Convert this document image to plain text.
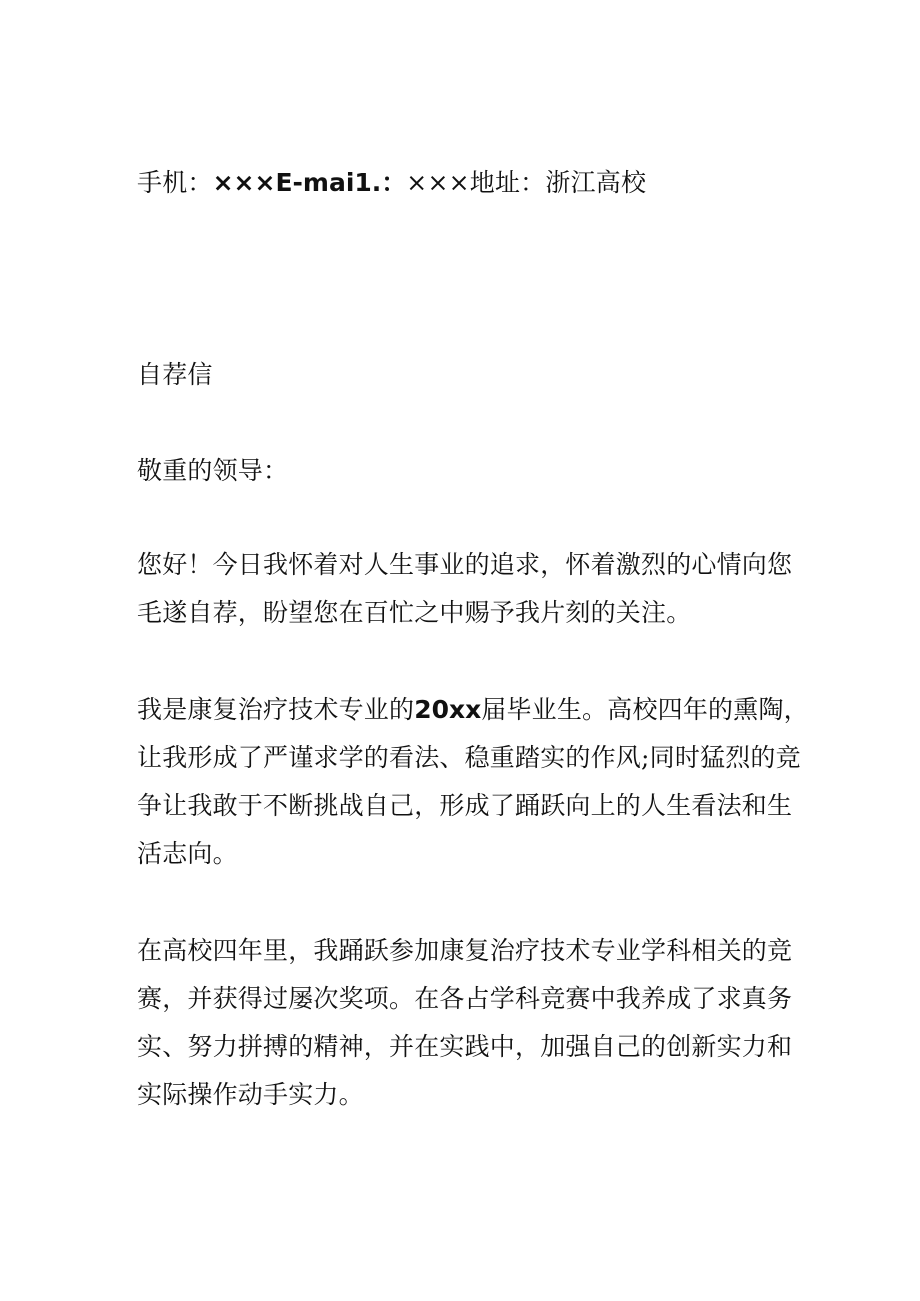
手机：×××E-mai1.：×××地址：浙江高校
自荐信
敬重的领导：
您好！今日我怀着对人生事业的追求，怀着激烈的心情向您
毛遂自荐，盼望您在百忙之中赐予我片刻的关注。
我是康复治疗技术专业的20xx届毕业生。高校四年的熏陶，
让我形成了严谨求学的看法、稳重踏实的作风;同时猛烈的竞
争让我敢于不断挑战自己，形成了踊跃向上的人生看法和生
活志向。
在高校四年里，我踊跃参加康复治疗技术专业学科相关的竞
赛，并获得过屡次奖项。在各占学科竞赛中我养成了求真务
实、努力拼搏的精神，并在实践中，加强自己的创新实力和
实际操作动手实力。
